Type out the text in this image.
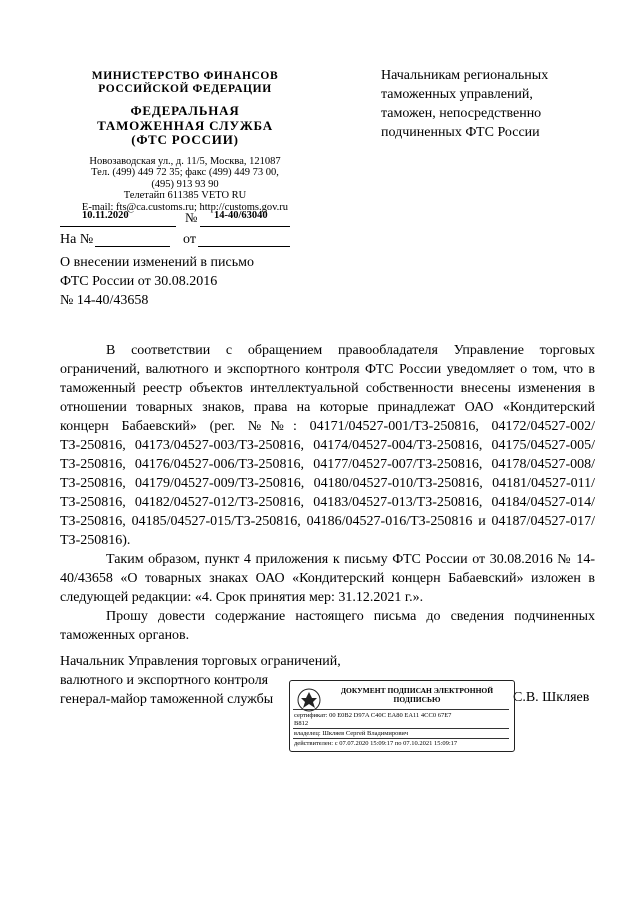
МИНИСТЕРСТВО ФИНАНСОВ
РОССИЙСКОЙ ФЕДЕРАЦИИ
ФЕДЕРАЛЬНАЯ
ТАМОЖЕННАЯ СЛУЖБА
(ФТС РОССИИ)
Новозаводская ул., д. 11/5, Москва, 121087
Тел. (499) 449 72 35; факс (499) 449 73 00,
(495) 913 93 90
Телетайп 611385 VETO RU
E-mail: fts@ca.customs.ru; http://customs.gov.ru
10.11.2020	№ 14-40/63040
На №	от
Начальникам региональных
таможенных управлений,
таможен, непосредственно
подчиненных ФТС России
О внесении изменений в письмо
ФТС России от 30.08.2016
№ 14-40/43658

В соответствии с обращением правообладателя Управление торговых ограничений, валютного и экспортного контроля ФТС России уведомляет о том, что в таможенный реестр объектов интеллектуальной собственности внесены изменения в отношении товарных знаков, права на которые принадлежат ОАО «Кондитерский концерн Бабаевский» (рег. №№: 04171/04527-001/ТЗ-250816, 04172/04527-002/ТЗ-250816, 04173/04527-003/ТЗ-250816, 04174/04527-004/ТЗ-250816, 04175/04527-005/ТЗ-250816, 04176/04527-006/ТЗ-250816, 04177/04527-007/ТЗ-250816, 04178/04527-008/ТЗ-250816, 04179/04527-009/ТЗ-250816, 04180/04527-010/ТЗ-250816, 04181/04527-011/ТЗ-250816, 04182/04527-012/ТЗ-250816, 04183/04527-013/ТЗ-250816, 04184/04527-014/ТЗ-250816, 04185/04527-015/ТЗ-250816, 04186/04527-016/ТЗ-250816 и 04187/04527-017/ТЗ-250816).

Таким образом, пункт 4 приложения к письму ФТС России от 30.08.2016 № 14-40/43658 «О товарных знаках ОАО «Кондитерский концерн Бабаевский» изложен в следующей редакции: «4. Срок принятия мер: 31.12.2021 г.».

Прошу довести содержание настоящего письма до сведения подчиненных таможенных органов.

Начальник Управления торговых ограничений,
валютного и экспортного контроля
генерал-майор таможенной службы	С.В. Шкляев
ДОКУМЕНТ ПОДПИСАН ЭЛЕКТРОННОЙ ПОДПИСЬЮ
сертификат: 00 E0B2 D97A C40C EA80 EA11 4CC0 67E7
B812
владелец: Шкляев Сергей Владимирович
действителен: с 07.07.2020 15:09:17 по 07.10.2021 15:09:17
